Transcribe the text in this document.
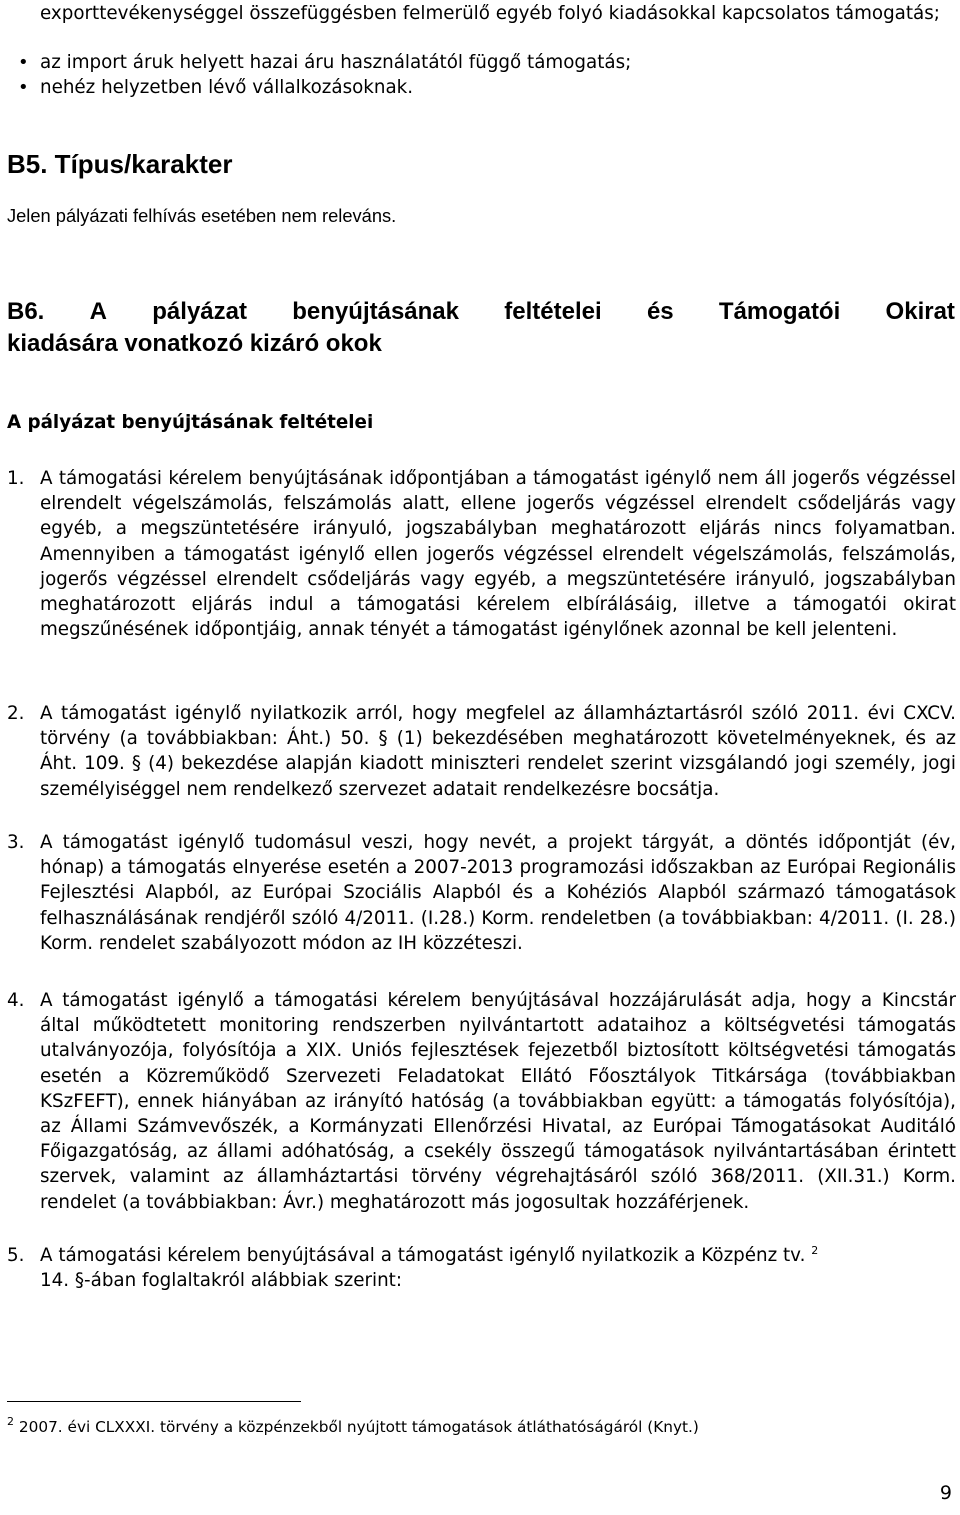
exporttevékenységgel összefüggésben felmerülő egyéb folyó kiadásokkal kapcsolatos támogatás;

• az import áruk helyett hazai áru használatától függő támogatás;
• nehéz helyzetben lévő vállalkozásoknak.
B5. Típus/karakter

Jelen pályázati felhívás esetében nem releváns.

B6. A pályázat benyújtásának feltételei és Támogatói Okirat
kiadására vonatkozó kizáró okok
A pályázat benyújtásának feltételei
1. A támogatási kérelem benyújtásának időpontjában a támogatást igénylő nem áll jogerős végzéssel elrendelt végelszámolás, felszámolás alatt, ellene jogerős végzéssel elrendelt csődeljárás vagy egyéb, a megszüntetésére irányuló, jogszabályban meghatározott eljárás nincs folyamatban. Amennyiben a támogatást igénylő ellen jogerős végzéssel elrendelt végelszámolás, felszámolás, jogerős végzéssel elrendelt csődeljárás vagy egyéb, a megszüntetésére irányuló, jogszabályban meghatározott eljárás indul a támogatási kérelem elbírálásáig, illetve a támogatói okirat megszűnésének időpontjáig, annak tényét a támogatást igénylőnek azonnal be kell jelenteni.

2. A támogatást igénylő nyilatkozik arról, hogy megfelel az államháztartásról szóló 2011. évi CXCV. törvény (a továbbiakban: Áht.) 50. § (1) bekezdésében meghatározott követelményeknek, és az Áht. 109. § (4) bekezdése alapján kiadott miniszteri rendelet szerint vizsgálandó jogi személy, jogi személyiséggel nem rendelkező szervezet adatait rendelkezésre bocsátja.

3. A támogatást igénylő tudomásul veszi, hogy nevét, a projekt tárgyát, a döntés időpontját (év, hónap) a támogatás elnyerése esetén a 2007-2013 programozási időszakban az Európai Regionális Fejlesztési Alapból, az Európai Szociális Alapból és a Kohéziós Alapból származó támogatások felhasználásának rendjéről szóló 4/2011. (I.28.) Korm. rendeletben (a továbbiakban: 4/2011. (I. 28.) Korm. rendelet szabályozott módon az IH közzéteszi.

4. A támogatást igénylő a támogatási kérelem benyújtásával hozzájárulását adja, hogy a Kincstár által működtetett monitoring rendszerben nyilvántartott adataihoz a költségvetési támogatás utalványozója, folyósítója a XIX. Uniós fejlesztések fejezetből biztosított költségvetési támogatás esetén a Közreműködő Szervezeti Feladatokat Ellátó Főosztályok Titkársága (továbbiakban KSzFEFT), ennek hiányában az irányító hatóság (a továbbiakban együtt: a támogatás folyósítója), az Állami Számvevőszék, a Kormányzati Ellenőrzési Hivatal, az Európai Támogatásokat Auditáló Főigazgatóság, az állami adóhatóság, a csekély összegű támogatások nyilvántartásában érintett szervek, valamint az államháztartási törvény végrehajtásáról szóló 368/2011. (XII.31.) Korm. rendelet (a továbbiakban: Ávr.) meghatározott más jogosultak hozzáférjenek.

5. A támogatási kérelem benyújtásával a támogatást igénylő nyilatkozik a Közpénz tv. $^2$
14. §-ában foglaltakról alábbiak szerint:

$^2$ 2007. évi CLXXXI. törvény a közpénzekből nyújtott támogatások átláthatóságáról (Knyt.)

9
